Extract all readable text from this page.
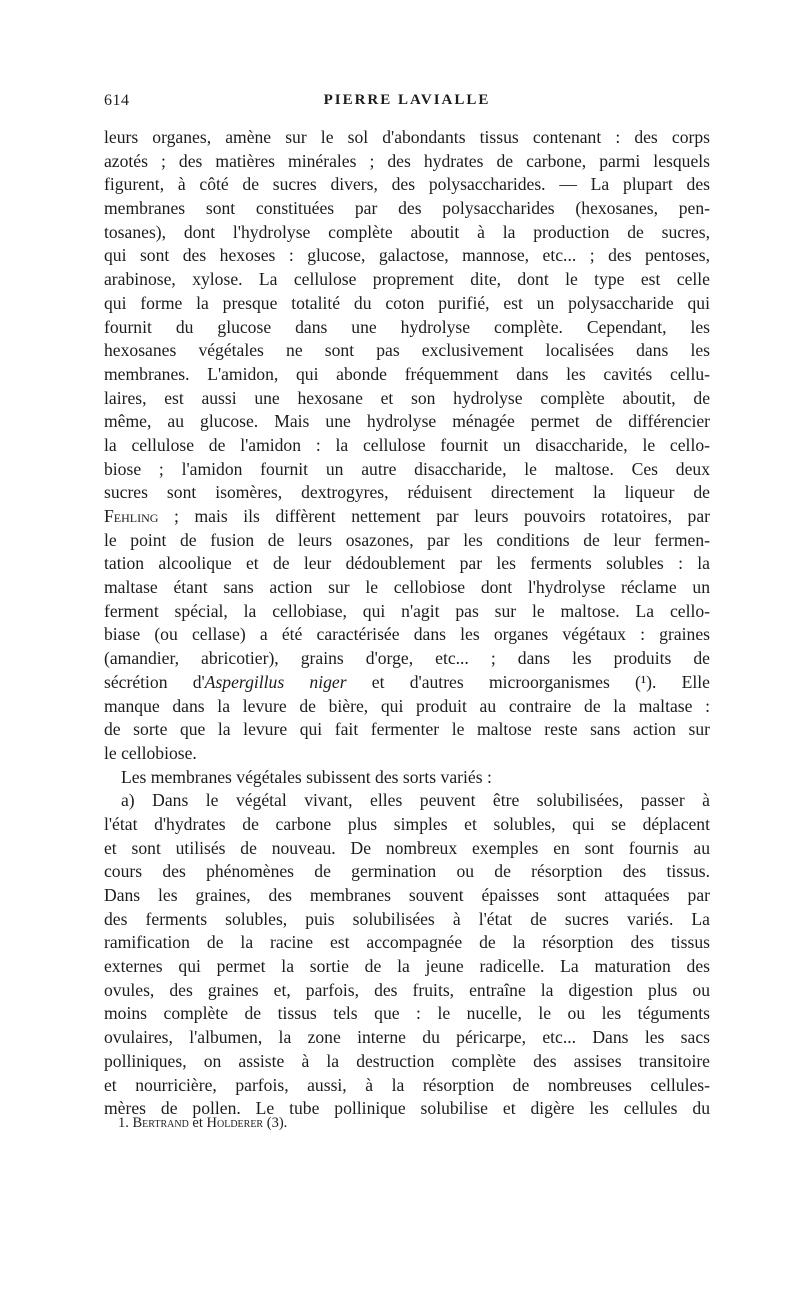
614	PIERRE LAVIALLE
leurs organes, amène sur le sol d'abondants tissus contenant : des corps
azotés ; des matières minérales ; des hydrates de carbone, parmi lesquels
figurent, à côté de sucres divers, des polysaccharides. — La plupart des
membranes sont constituées par des polysaccharides (hexosanes, pen-
tosanes), dont l'hydrolyse complète aboutit à la production de sucres,
qui sont des hexoses : glucose, galactose, mannose, etc... ; des pentoses,
arabinose, xylose. La cellulose proprement dite, dont le type est celle
qui forme la presque totalité du coton purifié, est un polysaccharide qui
fournit du glucose dans une hydrolyse complète. Cependant, les
hexosanes végétales ne sont pas exclusivement localisées dans les
membranes. L'amidon, qui abonde fréquemment dans les cavités cellu-
laires, est aussi une hexosane et son hydrolyse complète aboutit, de
même, au glucose. Mais une hydrolyse ménagée permet de différencier
la cellulose de l'amidon : la cellulose fournit un disaccharide, le cello-
biose ; l'amidon fournit un autre disaccharide, le maltose. Ces deux
sucres sont isomères, dextrogyres, réduisent directement la liqueur de
Fehling ; mais ils diffèrent nettement par leurs pouvoirs rotatoires, par
le point de fusion de leurs osazones, par les conditions de leur fermen-
tation alcoolique et de leur dédoublement par les ferments solubles : la
maltase étant sans action sur le cellobiose dont l'hydrolyse réclame un
ferment spécial, la cellobiase, qui n'agit pas sur le maltose. La cello-
biase (ou cellase) a été caractérisée dans les organes végétaux : graines
(amandier, abricotier), grains d'orge, etc... ; dans les produits de
sécrétion d'Aspergillus niger et d'autres microorganismes (¹). Elle
manque dans la levure de bière, qui produit au contraire de la maltase :
de sorte que la levure qui fait fermenter le maltose reste sans action sur
le cellobiose.
Les membranes végétales subissent des sorts variés :
a) Dans le végétal vivant, elles peuvent être solubilisées, passer à
l'état d'hydrates de carbone plus simples et solubles, qui se déplacent
et sont utilisés de nouveau. De nombreux exemples en sont fournis au
cours des phénomènes de germination ou de résorption des tissus.
Dans les graines, des membranes souvent épaisses sont attaquées par
des ferments solubles, puis solubilisées à l'état de sucres variés. La
ramification de la racine est accompagnée de la résorption des tissus
externes qui permet la sortie de la jeune radicelle. La maturation des
ovules, des graines et, parfois, des fruits, entraîne la digestion plus ou
moins complète de tissus tels que : le nucelle, le ou les téguments
ovulaires, l'albumen, la zone interne du péricarpe, etc... Dans les sacs
polliniques, on assiste à la destruction complète des assises transitoire
et nourricière, parfois, aussi, à la résorption de nombreuses cellules-
mères de pollen. Le tube pollinique solubilise et digère les cellules du
1. Bertrand et Holderer (3).
